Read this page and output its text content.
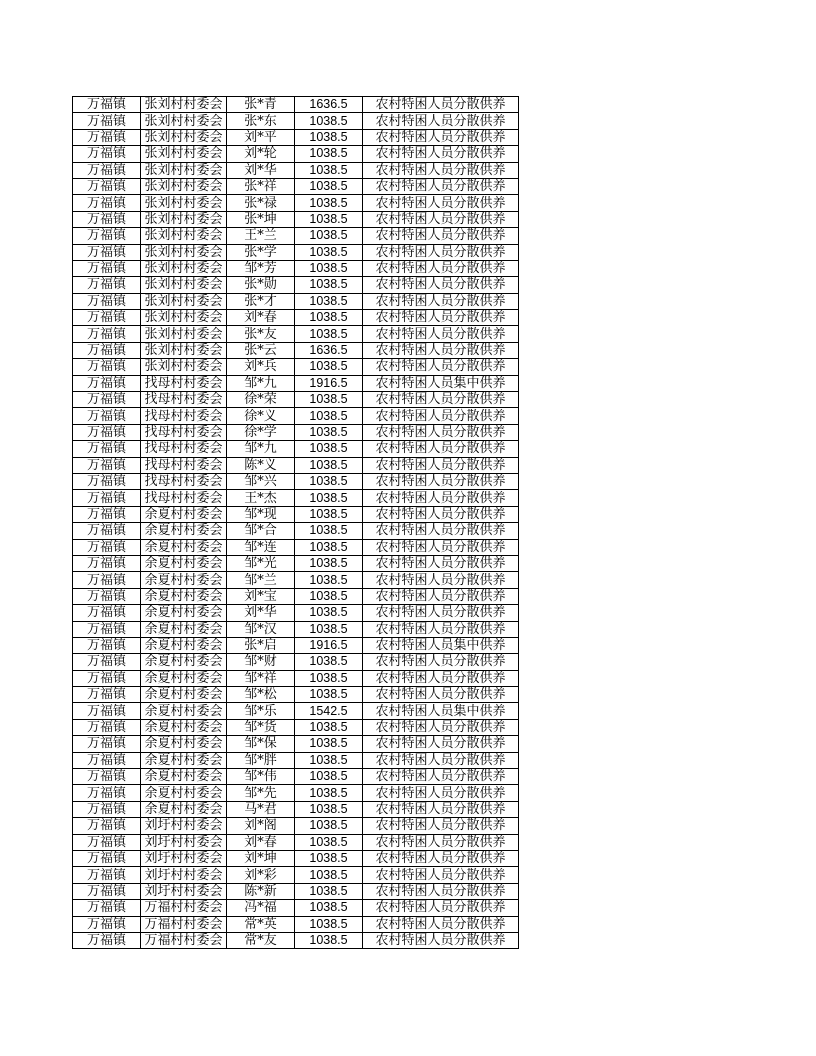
万福镇	张刘村村委会	张*青	1636.5	农村特困人员分散供养
万福镇	张刘村村委会	张*东	1038.5	农村特困人员分散供养
万福镇	张刘村村委会	刘*平	1038.5	农村特困人员分散供养
万福镇	张刘村村委会	刘*轮	1038.5	农村特困人员分散供养
万福镇	张刘村村委会	刘*华	1038.5	农村特困人员分散供养
万福镇	张刘村村委会	张*祥	1038.5	农村特困人员分散供养
万福镇	张刘村村委会	张*禄	1038.5	农村特困人员分散供养
万福镇	张刘村村委会	张*坤	1038.5	农村特困人员分散供养
万福镇	张刘村村委会	王*兰	1038.5	农村特困人员分散供养
万福镇	张刘村村委会	张*学	1038.5	农村特困人员分散供养
万福镇	张刘村村委会	邹*芳	1038.5	农村特困人员分散供养
万福镇	张刘村村委会	张*勋	1038.5	农村特困人员分散供养
万福镇	张刘村村委会	张*才	1038.5	农村特困人员分散供养
万福镇	张刘村村委会	刘*春	1038.5	农村特困人员分散供养
万福镇	张刘村村委会	张*友	1038.5	农村特困人员分散供养
万福镇	张刘村村委会	张*云	1636.5	农村特困人员分散供养
万福镇	张刘村村委会	刘*兵	1038.5	农村特困人员分散供养
万福镇	找母村村委会	邹*九	1916.5	农村特困人员集中供养
万福镇	找母村村委会	徐*荣	1038.5	农村特困人员分散供养
万福镇	找母村村委会	徐*义	1038.5	农村特困人员分散供养
万福镇	找母村村委会	徐*学	1038.5	农村特困人员分散供养
万福镇	找母村村委会	邹*九	1038.5	农村特困人员分散供养
万福镇	找母村村委会	陈*义	1038.5	农村特困人员分散供养
万福镇	找母村村委会	邹*兴	1038.5	农村特困人员分散供养
万福镇	找母村村委会	王*杰	1038.5	农村特困人员分散供养
万福镇	余夏村村委会	邹*现	1038.5	农村特困人员分散供养
万福镇	余夏村村委会	邹*合	1038.5	农村特困人员分散供养
万福镇	余夏村村委会	邹*连	1038.5	农村特困人员分散供养
万福镇	余夏村村委会	邹*光	1038.5	农村特困人员分散供养
万福镇	余夏村村委会	邹*兰	1038.5	农村特困人员分散供养
万福镇	余夏村村委会	刘*宝	1038.5	农村特困人员分散供养
万福镇	余夏村村委会	刘*华	1038.5	农村特困人员分散供养
万福镇	余夏村村委会	邹*汉	1038.5	农村特困人员分散供养
万福镇	余夏村村委会	张*启	1916.5	农村特困人员集中供养
万福镇	余夏村村委会	邹*财	1038.5	农村特困人员分散供养
万福镇	余夏村村委会	邹*祥	1038.5	农村特困人员分散供养
万福镇	余夏村村委会	邹*松	1038.5	农村特困人员分散供养
万福镇	余夏村村委会	邹*乐	1542.5	农村特困人员集中供养
万福镇	余夏村村委会	邹*货	1038.5	农村特困人员分散供养
万福镇	余夏村村委会	邹*保	1038.5	农村特困人员分散供养
万福镇	余夏村村委会	邹*胖	1038.5	农村特困人员分散供养
万福镇	余夏村村委会	邹*伟	1038.5	农村特困人员分散供养
万福镇	余夏村村委会	邹*先	1038.5	农村特困人员分散供养
万福镇	余夏村村委会	马*君	1038.5	农村特困人员分散供养
万福镇	刘圩村村委会	刘*阁	1038.5	农村特困人员分散供养
万福镇	刘圩村村委会	刘*春	1038.5	农村特困人员分散供养
万福镇	刘圩村村委会	刘*坤	1038.5	农村特困人员分散供养
万福镇	刘圩村村委会	刘*彩	1038.5	农村特困人员分散供养
万福镇	刘圩村村委会	陈*新	1038.5	农村特困人员分散供养
万福镇	万福村村委会	冯*福	1038.5	农村特困人员分散供养
万福镇	万福村村委会	常*英	1038.5	农村特困人员分散供养
万福镇	万福村村委会	常*友	1038.5	农村特困人员分散供养
